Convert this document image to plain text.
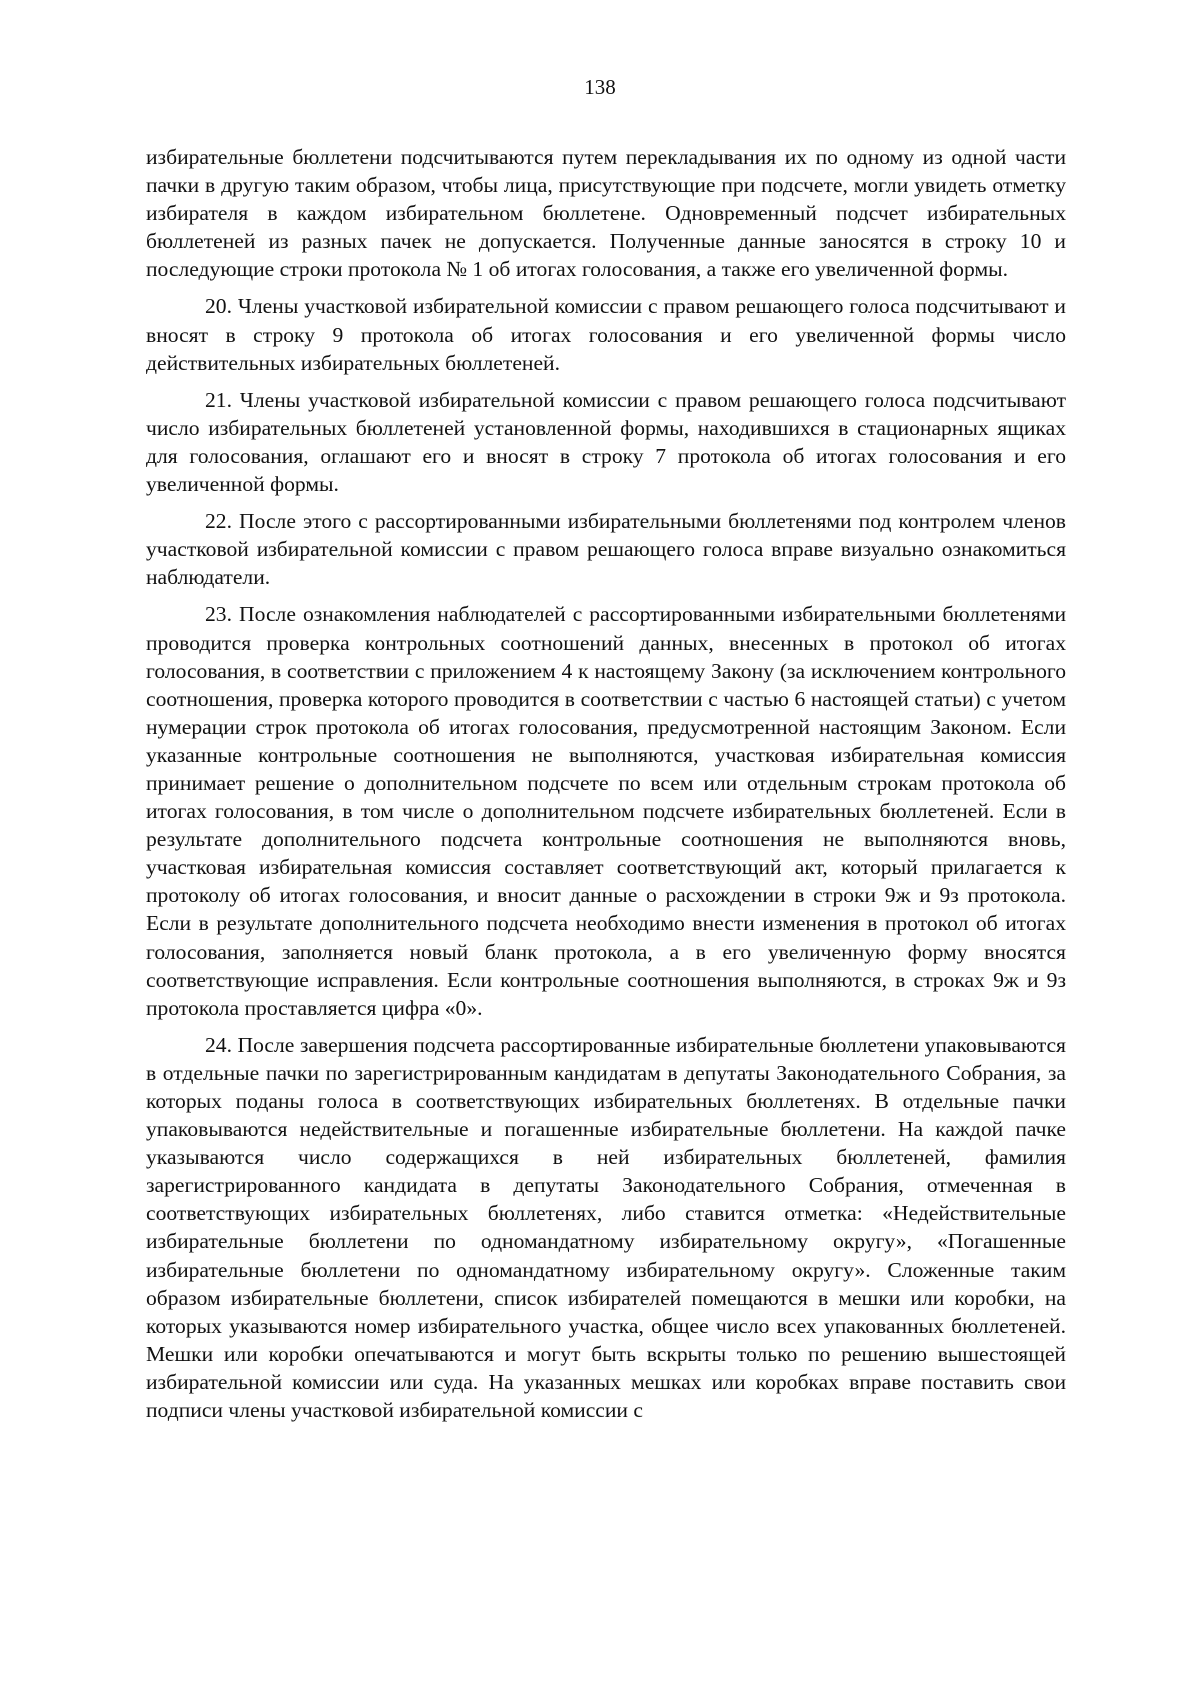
138

избирательные бюллетени подсчитываются путем перекладывания их по одному из одной части пачки в другую таким образом, чтобы лица, присутствующие при подсчете, могли увидеть отметку избирателя в каждом избирательном бюллетене. Одновременный подсчет избирательных бюллетеней из разных пачек не допускается. Полученные данные заносятся в строку 10 и последующие строки протокола № 1 об итогах голосования, а также его увеличенной формы.

20. Члены участковой избирательной комиссии с правом решающего голоса подсчитывают и вносят в строку 9 протокола об итогах голосования и его увеличенной формы число действительных избирательных бюллетеней.

21. Члены участковой избирательной комиссии с правом решающего голоса подсчитывают число избирательных бюллетеней установленной формы, находившихся в стационарных ящиках для голосования, оглашают его и вносят в строку 7 протокола об итогах голосования и его увеличенной формы.

22. После этого с рассортированными избирательными бюллетенями под контролем членов участковой избирательной комиссии с правом решающего голоса вправе визуально ознакомиться наблюдатели.

23. После ознакомления наблюдателей с рассортированными избирательными бюллетенями проводится проверка контрольных соотношений данных, внесенных в протокол об итогах голосования, в соответствии с приложением 4 к настоящему Закону (за исключением контрольного соотношения, проверка которого проводится в соответствии с частью 6 настоящей статьи) с учетом нумерации строк протокола об итогах голосования, предусмотренной настоящим Законом. Если указанные контрольные соотношения не выполняются, участковая избирательная комиссия принимает решение о дополнительном подсчете по всем или отдельным строкам протокола об итогах голосования, в том числе о дополнительном подсчете избирательных бюллетеней. Если в результате дополнительного подсчета контрольные соотношения не выполняются вновь, участковая избирательная комиссия составляет соответствующий акт, который прилагается к протоколу об итогах голосования, и вносит данные о расхождении в строки 9ж и 9з протокола. Если в результате дополнительного подсчета необходимо внести изменения в протокол об итогах голосования, заполняется новый бланк протокола, а в его увеличенную форму вносятся соответствующие исправления. Если контрольные соотношения выполняются, в строках 9ж и 9з протокола проставляется цифра «0».

24. После завершения подсчета рассортированные избирательные бюллетени упаковываются в отдельные пачки по зарегистрированным кандидатам в депутаты Законодательного Собрания, за которых поданы голоса в соответствующих избирательных бюллетенях. В отдельные пачки упаковываются недействительные и погашенные избирательные бюллетени. На каждой пачке указываются число содержащихся в ней избирательных бюллетеней, фамилия зарегистрированного кандидата в депутаты Законодательного Собрания, отмеченная в соответствующих избирательных бюллетенях, либо ставится отметка: «Недействительные избирательные бюллетени по одномандатному избирательному округу», «Погашенные избирательные бюллетени по одномандатному избирательному округу». Сложенные таким образом избирательные бюллетени, список избирателей помещаются в мешки или коробки, на которых указываются номер избирательного участка, общее число всех упакованных бюллетеней. Мешки или коробки опечатываются и могут быть вскрыты только по решению вышестоящей избирательной комиссии или суда. На указанных мешках или коробках вправе поставить свои подписи члены участковой избирательной комиссии с
